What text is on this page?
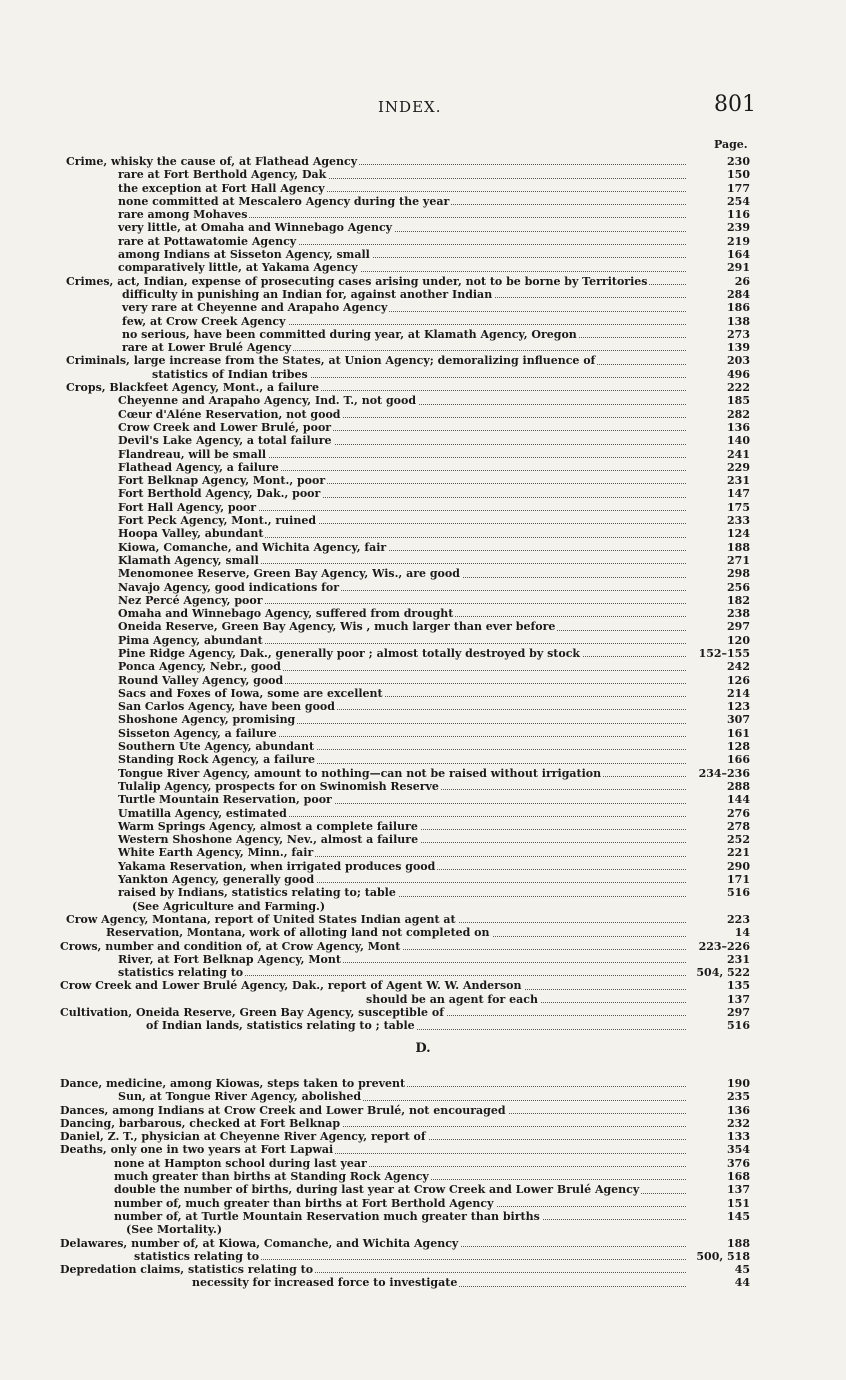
INDEX.	801
Page.
Crime, whisky the cause of, at Flathead Agency	230
rare at Fort Berthold Agency, Dak	150
the exception at Fort Hall Agency	177
none committed at Mescalero Agency during the year	254
rare among Mohaves	116
very little, at Omaha and Winnebago Agency	239
rare at Pottawatomie Agency	219
among Indians at Sisseton Agency, small	164
comparatively little, at Yakama Agency	291
Crimes, act, Indian, expense of prosecuting cases arising under, not to be borne by Territories	26
difficulty in punishing an Indian for, against another Indian	284
very rare at Cheyenne and Arapaho Agency	186
few, at Crow Creek Agency	138
no serious, have been committed during year, at Klamath Agency, Oregon	273
rare at Lower Brulé Agency	139
Criminals, large increase from the States, at Union Agency; demoralizing influence of	203
statistics of Indian tribes	496
Crops, Blackfeet Agency, Mont., a failure	222
Cheyenne and Arapaho Agency, Ind. T., not good	185
Cœur d'Aléne Reservation, not good	282
Crow Creek and Lower Brulé, poor	136
Devil's Lake Agency, a total failure	140
Flandreau, will be small	241
Flathead Agency, a failure	229
Fort Belknap Agency, Mont., poor	231
Fort Berthold Agency, Dak., poor	147
Fort Hall Agency, poor	175
Fort Peck Agency, Mont., ruined	233
Hoopa Valley, abundant	124
Kiowa, Comanche, and Wichita Agency, fair	188
Klamath Agency, small	271
Menomonee Reserve, Green Bay Agency, Wis., are good	298
Navajo Agency, good indications for	256
Nez Percé Agency, poor	182
Omaha and Winnebago Agency, suffered from drought	238
Oneida Reserve, Green Bay Agency, Wis , much larger than ever before	297
Pima Agency, abundant	120
Pine Ridge Agency, Dak., generally poor ; almost totally destroyed by stock	152–155
Ponca Agency, Nebr., good	242
Round Valley Agency, good	126
Sacs and Foxes of Iowa, some are excellent	214
San Carlos Agency, have been good	123
Shoshone Agency, promising	307
Sisseton Agency, a failure	161
Southern Ute Agency, abundant	128
Standing Rock Agency, a failure	166
Tongue River Agency, amount to nothing—can not be raised without irrigation	234–236
Tulalip Agency, prospects for on Swinomish Reserve	288
Turtle Mountain Reservation, poor	144
Umatilla Agency, estimated	276
Warm Springs Agency, almost a complete failure	278
Western Shoshone Agency, Nev., almost a failure	252
White Earth Agency, Minn., fair	221
Yakama Reservation, when irrigated produces good	290
Yankton Agency, generally good	171
raised by Indians, statistics relating to; table	516
(See Agriculture and Farming.)
Crow Agency, Montana, report of United States Indian agent at	223
Reservation, Montana, work of alloting land not completed on	14
Crows, number and condition of, at Crow Agency, Mont	223–226
River, at Fort Belknap Agency, Mont	231
statistics relating to	504, 522
Crow Creek and Lower Brulé Agency, Dak., report of Agent W. W. Anderson	135
should be an agent for each	137
Cultivation, Oneida Reserve, Green Bay Agency, susceptible of	297
of Indian lands, statistics relating to ; table	516
D.
Dance, medicine, among Kiowas, steps taken to prevent	190
Sun, at Tongue River Agency, abolished	235
Dances, among Indians at Crow Creek and Lower Brulé, not encouraged	136
Dancing, barbarous, checked at Fort Belknap	232
Daniel, Z. T., physician at Cheyenne River Agency, report of	133
Deaths, only one in two years at Fort Lapwai	354
none at Hampton school during last year	376
much greater than births at Standing Rock Agency	168
double the number of births, during last year at Crow Creek and Lower Brulé Agency	137
number of, much greater than births at Fort Berthold Agency	151
number of, at Turtle Mountain Reservation much greater than births	145
(See Mortality.)
Delawares, number of, at Kiowa, Comanche, and Wichita Agency	188
statistics relating to	500, 518
Depredation claims, statistics relating to	45
necessity for increased force to investigate	44
